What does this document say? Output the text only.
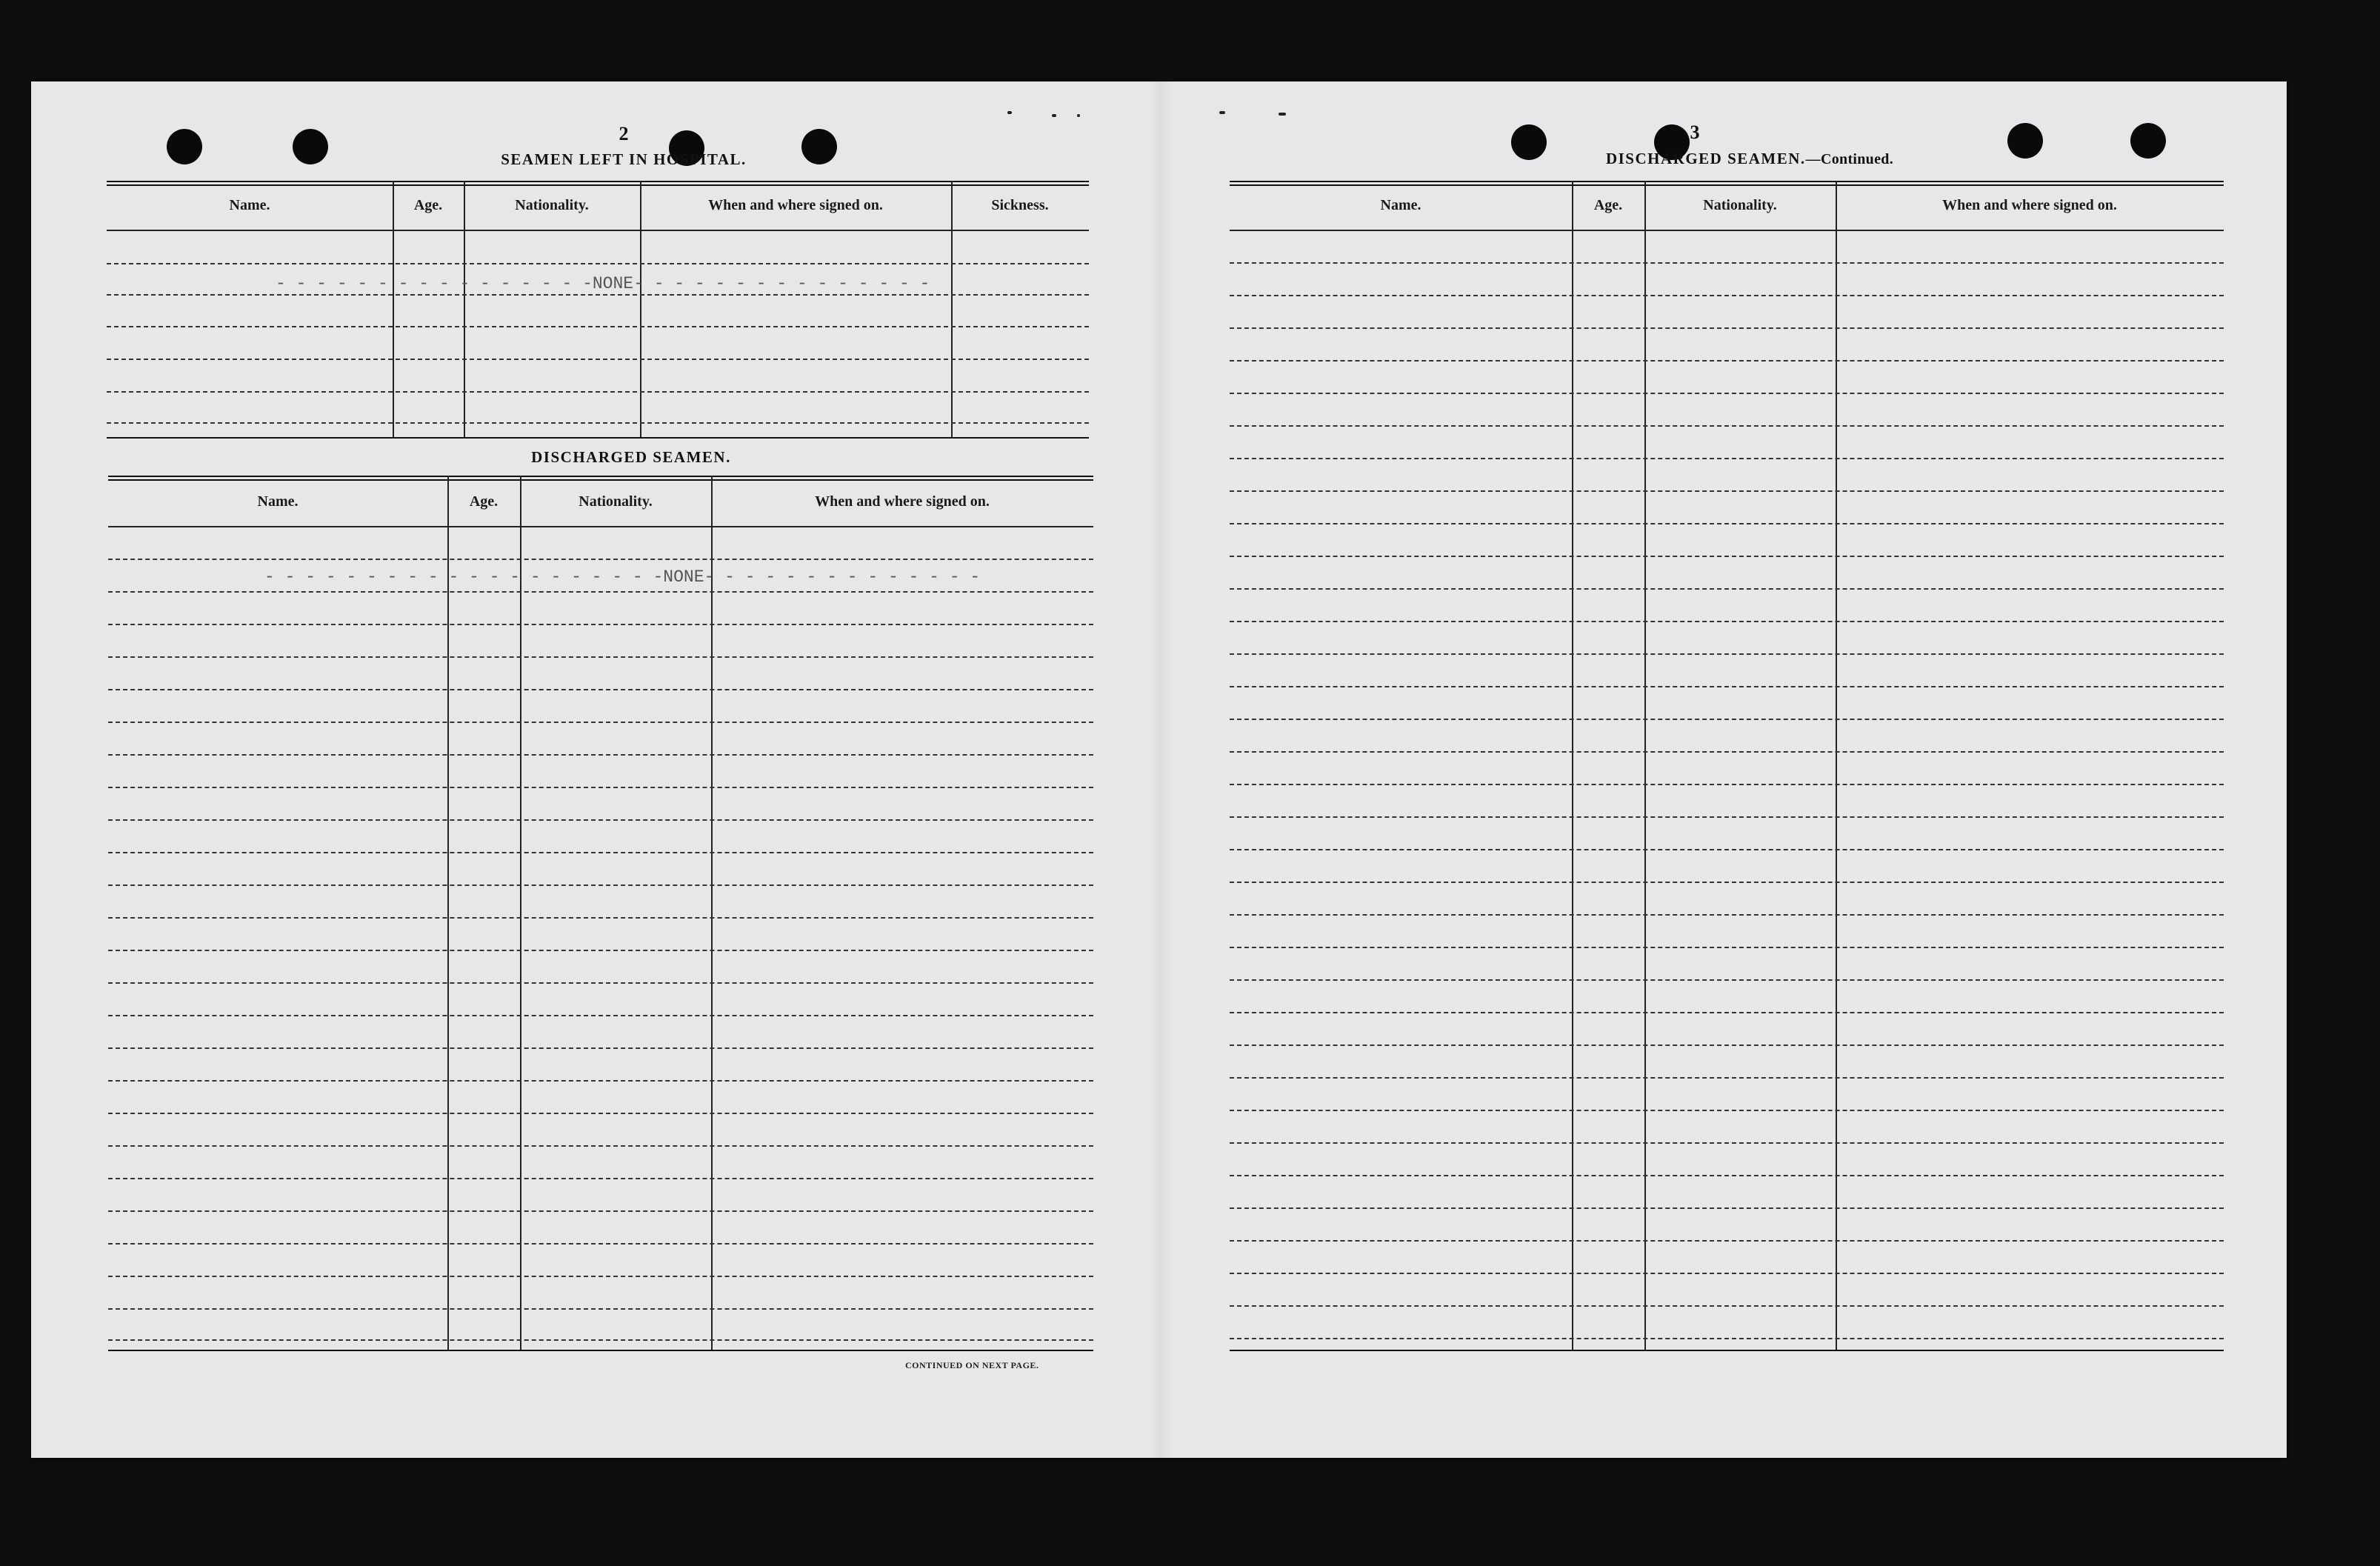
2
SEAMEN LEFT IN HOSPITAL.
Name.	Age.	Nationality.	When and where signed on.	Sickness.
- - - - - - - - - - - - - - - -NONE- - - - - - - - - - - - - - -
DISCHARGED SEAMEN.
Name.	Age.	Nationality.	When and where signed on.
- - - - - - - - - - - - - - - - - - - -NONE- - - - - - - - - - - - - -
CONTINUED ON NEXT PAGE.
3
DISCHARGED SEAMEN.—Continued.
Name.	Age.	Nationality.	When and where signed on.
